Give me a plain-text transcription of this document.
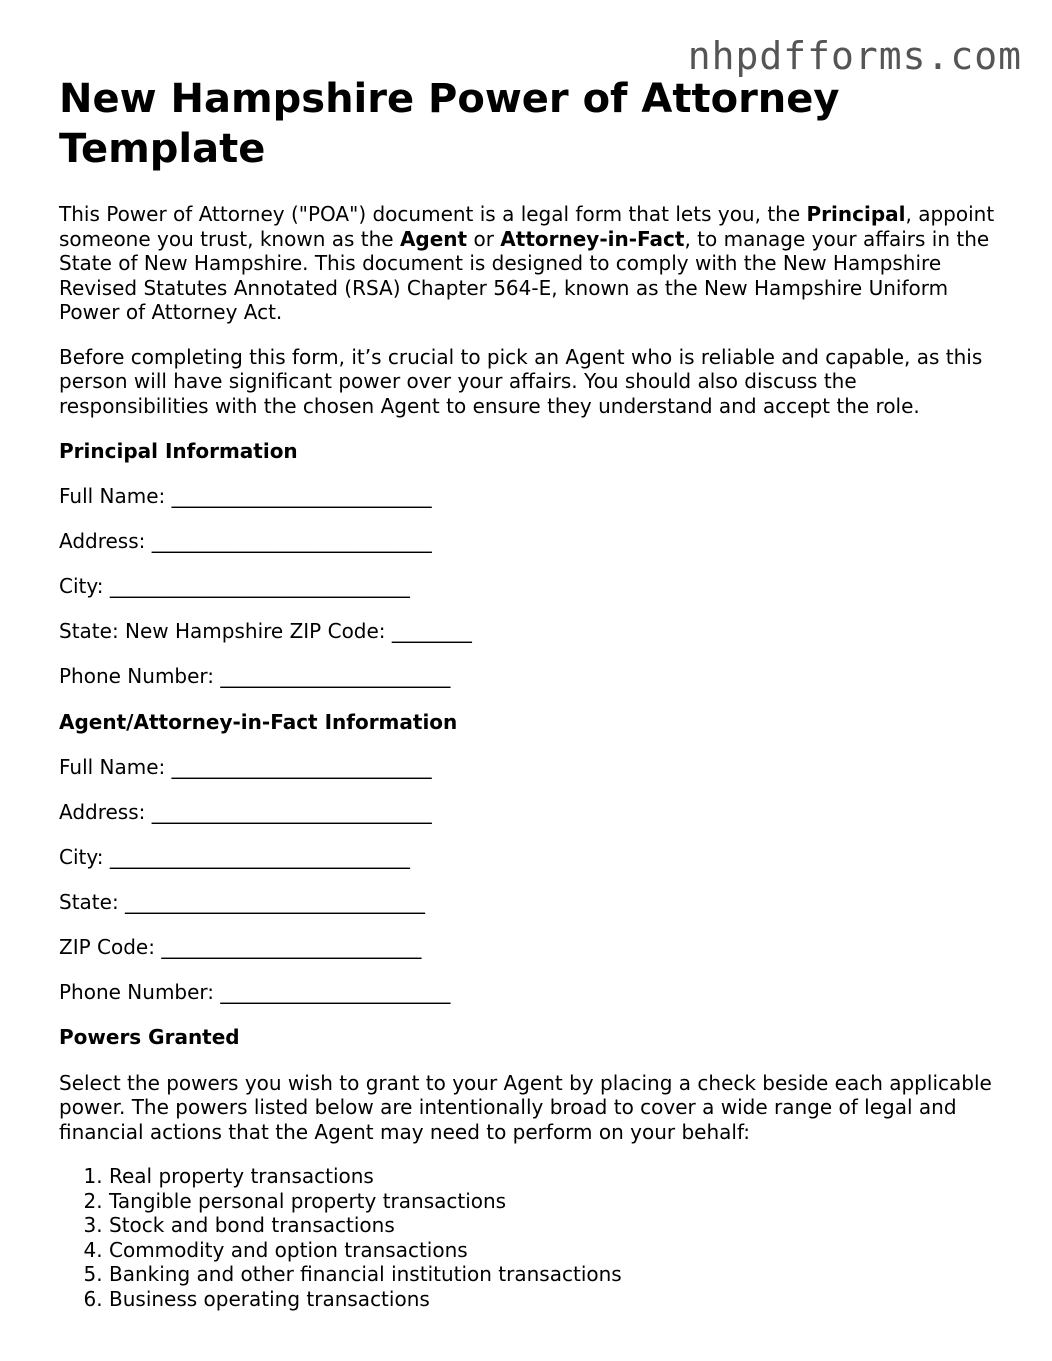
nhpdfforms.com
New Hampshire Power of Attorney Template

This Power of Attorney ("POA") document is a legal form that lets you, the Principal, appoint someone you trust, known as the Agent or Attorney-in-Fact, to manage your affairs in the State of New Hampshire. This document is designed to comply with the New Hampshire Revised Statutes Annotated (RSA) Chapter 564-E, known as the New Hampshire Uniform Power of Attorney Act.

Before completing this form, it’s crucial to pick an Agent who is reliable and capable, as this person will have significant power over your affairs. You should also discuss the responsibilities with the chosen Agent to ensure they understand and accept the role.

Principal Information
Full Name: __________________________
Address: ____________________________
City: ______________________________
State: New Hampshire ZIP Code: ________
Phone Number: _______________________
Agent/Attorney-in-Fact Information
Full Name: __________________________
Address: ____________________________
City: ______________________________
State: ______________________________
ZIP Code: __________________________
Phone Number: _______________________
Powers Granted

Select the powers you wish to grant to your Agent by placing a check beside each applicable power. The powers listed below are intentionally broad to cover a wide range of legal and financial actions that the Agent may need to perform on your behalf:

1. Real property transactions
2. Tangible personal property transactions
3. Stock and bond transactions
4. Commodity and option transactions
5. Banking and other financial institution transactions
6. Business operating transactions
